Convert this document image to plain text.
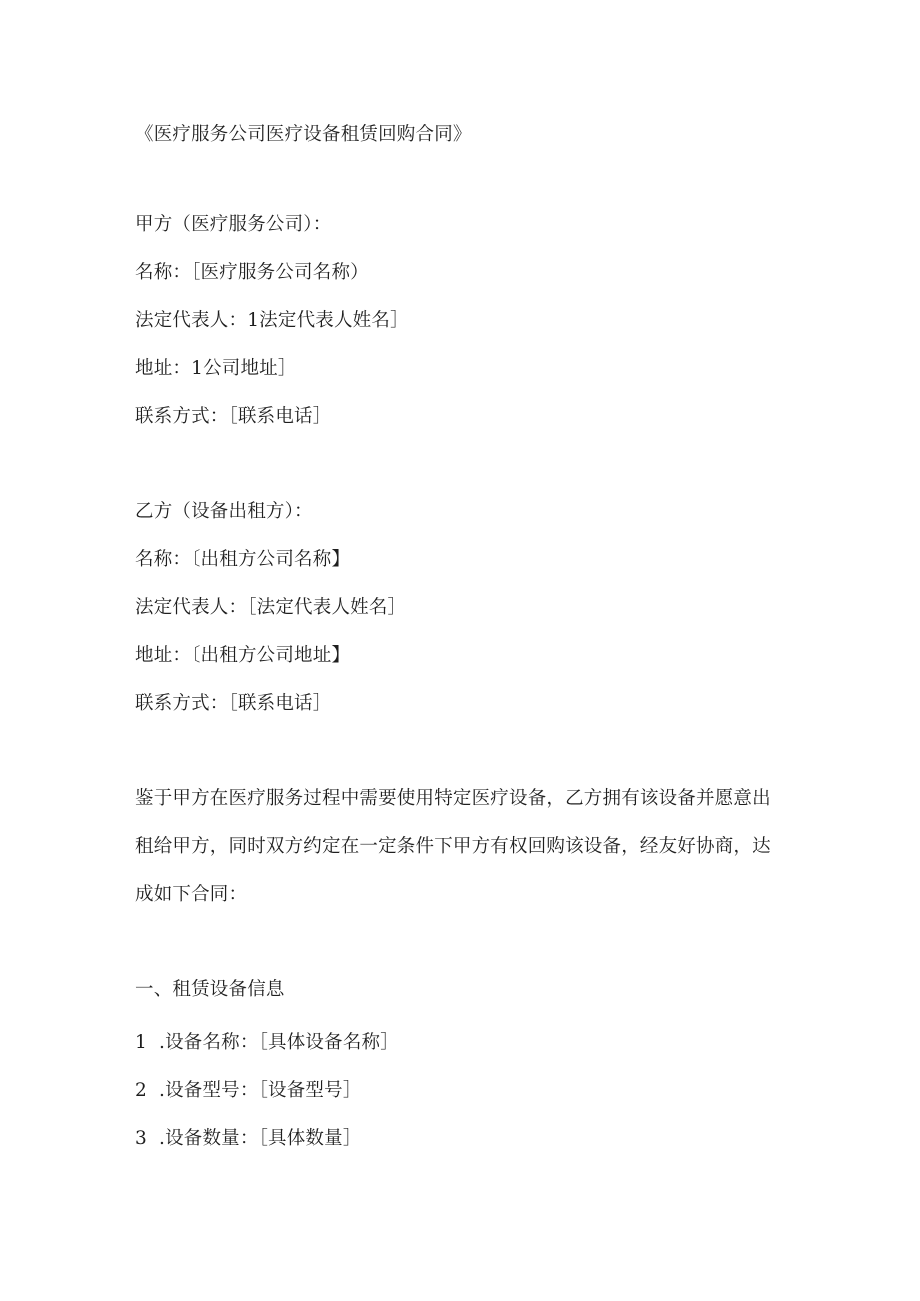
《医疗服务公司医疗设备租赁回购合同》
甲方（医疗服务公司）：
名称：［医疗服务公司名称）
法定代表人：1法定代表人姓名］
地址：1公司地址］
联系方式：［联系电话］
乙方（设备出租方）：
名称：〔出租方公司名称】
法定代表人：［法定代表人姓名］
地址：〔出租方公司地址】
联系方式：［联系电话］
鉴于甲方在医疗服务过程中需要使用特定医疗设备，乙方拥有该设备并愿意出
租给甲方，同时双方约定在一定条件下甲方有权回购该设备，经友好协商，达
成如下合同：
一、租赁设备信息
1 .设备名称：［具体设备名称］
2 .设备型号：［设备型号］
3 .设备数量：［具体数量］
